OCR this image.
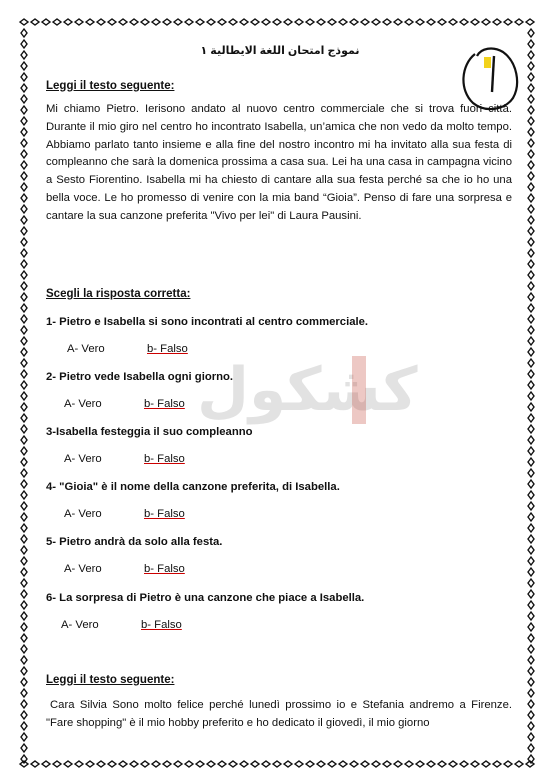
نموذج امتحان اللغة الايطالية ١
Leggi il testo seguente:
Mi chiamo Pietro. Ierisono andato al nuovo centro commerciale che si trova fuori città. Durante il mio giro nel centro ho incontrato Isabella, un’amica che non vedo da molto tempo. Abbiamo parlato tanto insieme e alla fine del nostro incontro mi ha invitato alla sua festa di compleanno che sarà la domenica prossima a casa sua. Lei ha una casa in campagna vicino a Sesto Fiorentino. Isabella mi ha chiesto di cantare alla sua festa perché sa che io ho una bella voce. Le ho promesso di venire con la mia band “Gioia”. Penso di fare una sorpresa e cantare la sua canzone preferita "Vivo per lei" di Laura Pausini.
Scegli la risposta corretta:
كشكول
1- Pietro e Isabella si sono incontrati al centro commerciale.
A- Vero	b- Falso
2- Pietro vede Isabella ogni giorno.
A- Vero	b- Falso
3-Isabella festeggia il suo compleanno
A- Vero	b- Falso
4- "Gioia" è il nome della canzone preferita, di Isabella.
A- Vero	b- Falso
5- Pietro andrà da solo alla festa.
A- Vero	b- Falso
6- La sorpresa di Pietro è una canzone che piace a Isabella.
A- Vero	b- Falso
Leggi il testo seguente:
Cara Silvia Sono molto felice perché lunedì prossimo io e Stefania andremo a Firenze. "Fare shopping" è il mio hobby preferito e ho dedicato il giovedì, il mio giorno
